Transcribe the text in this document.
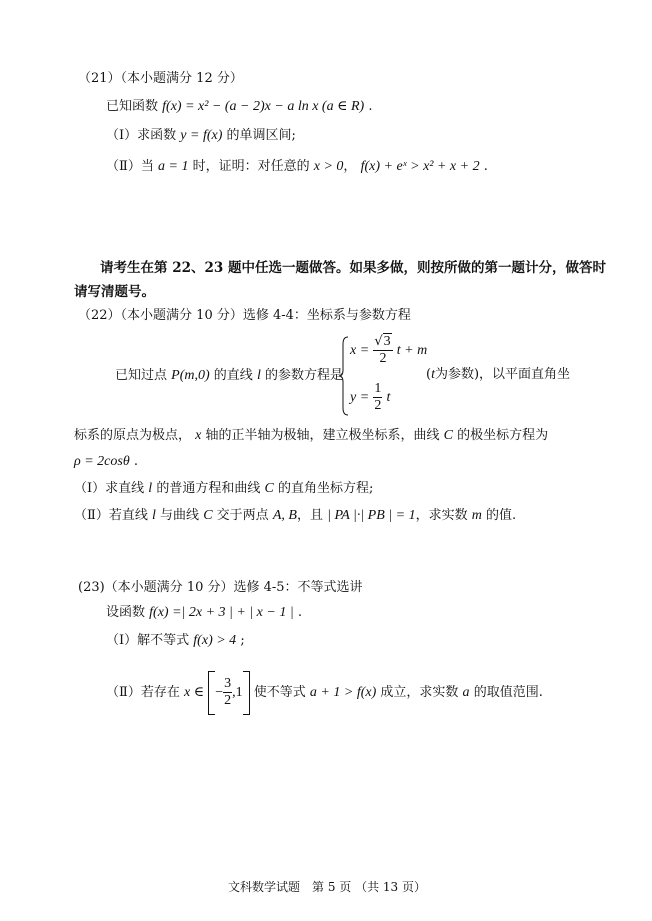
（21）（本小题满分 12 分）
已知函数 f(x) = x² − (a − 2)x − a ln x (a ∈ R) .
（Ⅰ）求函数 y = f(x) 的单调区间;
（Ⅱ）当 a = 1 时，证明：对任意的 x > 0， f(x) + eˣ > x² + x + 2 .
请考生在第 22、23 题中任选一题做答。如果多做，则按所做的第一题计分，做答时
请写清题号。
（22）（本小题满分 10 分）选修 4-4：坐标系与参数方程
已知过点 P(m,0) 的直线 l 的参数方程是
$x = \frac{√3}{2}$ t + m
$y = \frac{1}{2}$ t
(t为参数)，以平面直角坐
标系的原点为极点， x 轴的正半轴为极轴，建立极坐标系，曲线 C 的极坐标方程为
ρ = 2cosθ .
（Ⅰ）求直线 l 的普通方程和曲线 C 的直角坐标方程;
（Ⅱ）若直线 l 与曲线 C 交于两点 A, B，且 | PA |·| PB | = 1，求实数 m 的值.
(23)（本小题满分 10 分）选修 4-5：不等式选讲
设函数 f(x) =| 2x + 3 | + | x − 1 | .
（Ⅰ）解不等式 f(x) > 4 ;
（Ⅱ）若存在 x ∈ − $\frac{3}{2} ,1$ 使不等式 a + 1 > f(x) 成立，求实数 a 的取值范围.
文科数学试题　第 5 页 （共 13 页）
